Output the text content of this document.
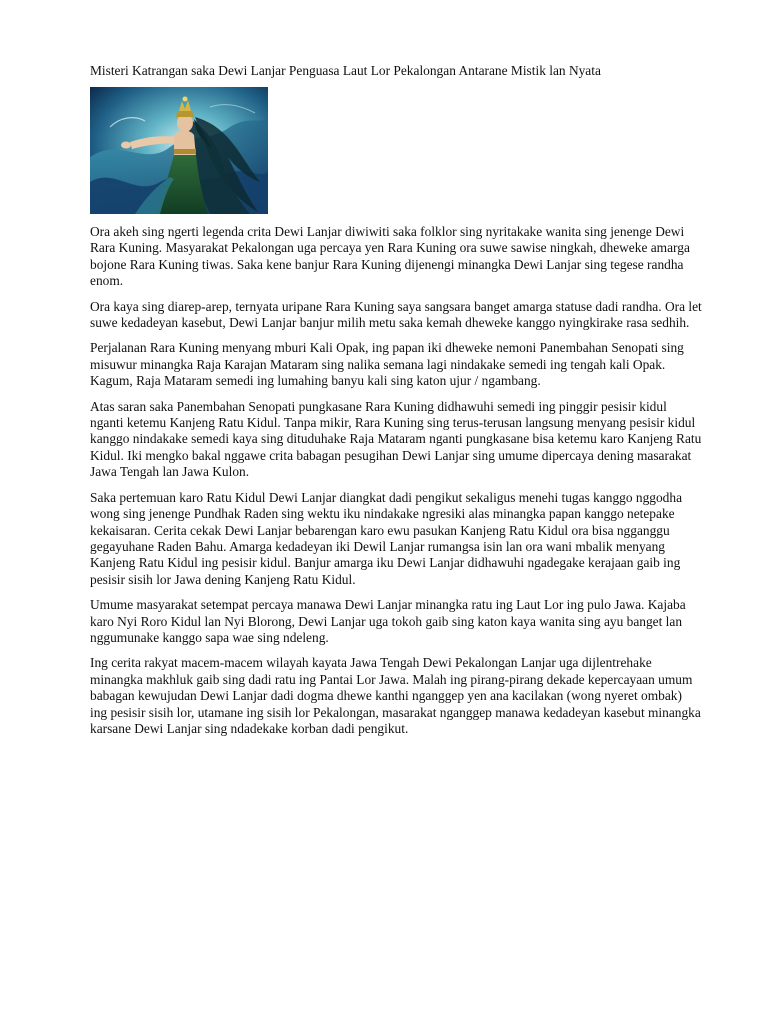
Misteri Katrangan saka Dewi Lanjar Penguasa Laut Lor Pekalongan Antarane Mistik lan Nyata

Ora akeh sing ngerti legenda crita Dewi Lanjar diwiwiti saka folklor sing nyritakake wanita sing jenenge Dewi Rara Kuning. Masyarakat Pekalongan uga percaya yen Rara Kuning ora suwe sawise ningkah, dheweke amarga bojone Rara Kuning tiwas. Saka kene banjur Rara Kuning dijenengi minangka Dewi Lanjar sing tegese randha enom.

Ora kaya sing diarep-arep, ternyata uripane Rara Kuning saya sangsara banget amarga statuse dadi randha. Ora let suwe kedadeyan kasebut, Dewi Lanjar banjur milih metu saka kemah dheweke kanggo nyingkirake rasa sedhih.

Perjalanan Rara Kuning menyang mburi Kali Opak, ing papan iki dheweke nemoni Panembahan Senopati sing misuwur minangka Raja Karajan Mataram sing nalika semana lagi nindakake semedi ing tengah kali Opak. Kagum, Raja Mataram semedi ing lumahing banyu kali sing katon ujur / ngambang.

Atas saran saka Panembahan Senopati pungkasane Rara Kuning didhawuhi semedi ing pinggir pesisir kidul nganti ketemu Kanjeng Ratu Kidul. Tanpa mikir, Rara Kuning sing terus-terusan langsung menyang pesisir kidul kanggo nindakake semedi kaya sing dituduhake Raja Mataram nganti pungkasane bisa ketemu karo Kanjeng Ratu Kidul. Iki mengko bakal nggawe crita babagan pesugihan Dewi Lanjar sing umume dipercaya dening masarakat Jawa Tengah lan Jawa Kulon.

Saka pertemuan karo Ratu Kidul Dewi Lanjar diangkat dadi pengikut sekaligus menehi tugas kanggo nggodha wong sing jenenge Pundhak Raden sing wektu iku nindakake ngresiki alas minangka papan kanggo netepake kekaisaran. Cerita cekak Dewi Lanjar bebarengan karo ewu pasukan Kanjeng Ratu Kidul ora bisa ngganggu gegayuhane Raden Bahu. Amarga kedadeyan iki Dewil Lanjar rumangsa isin lan ora wani mbalik menyang Kanjeng Ratu Kidul ing pesisir kidul. Banjur amarga iku Dewi Lanjar didhawuhi ngadegake kerajaan gaib ing pesisir sisih lor Jawa dening Kanjeng Ratu Kidul.

Umume masyarakat setempat percaya manawa Dewi Lanjar minangka ratu ing Laut Lor ing pulo Jawa. Kajaba karo Nyi Roro Kidul lan Nyi Blorong, Dewi Lanjar uga tokoh gaib sing katon kaya wanita sing ayu banget lan nggumunake kanggo sapa wae sing ndeleng.

Ing cerita rakyat macem-macem wilayah kayata Jawa Tengah Dewi Pekalongan Lanjar uga dijlentrehake minangka makhluk gaib sing dadi ratu ing Pantai Lor Jawa. Malah ing pirang-pirang dekade kepercayaan umum babagan kewujudan Dewi Lanjar dadi dogma dhewe kanthi nganggep yen ana kacilakan (wong nyeret ombak) ing pesisir sisih lor, utamane ing sisih lor Pekalongan, masarakat nganggep manawa kedadeyan kasebut minangka karsane Dewi Lanjar sing ndadekake korban dadi pengikut.
